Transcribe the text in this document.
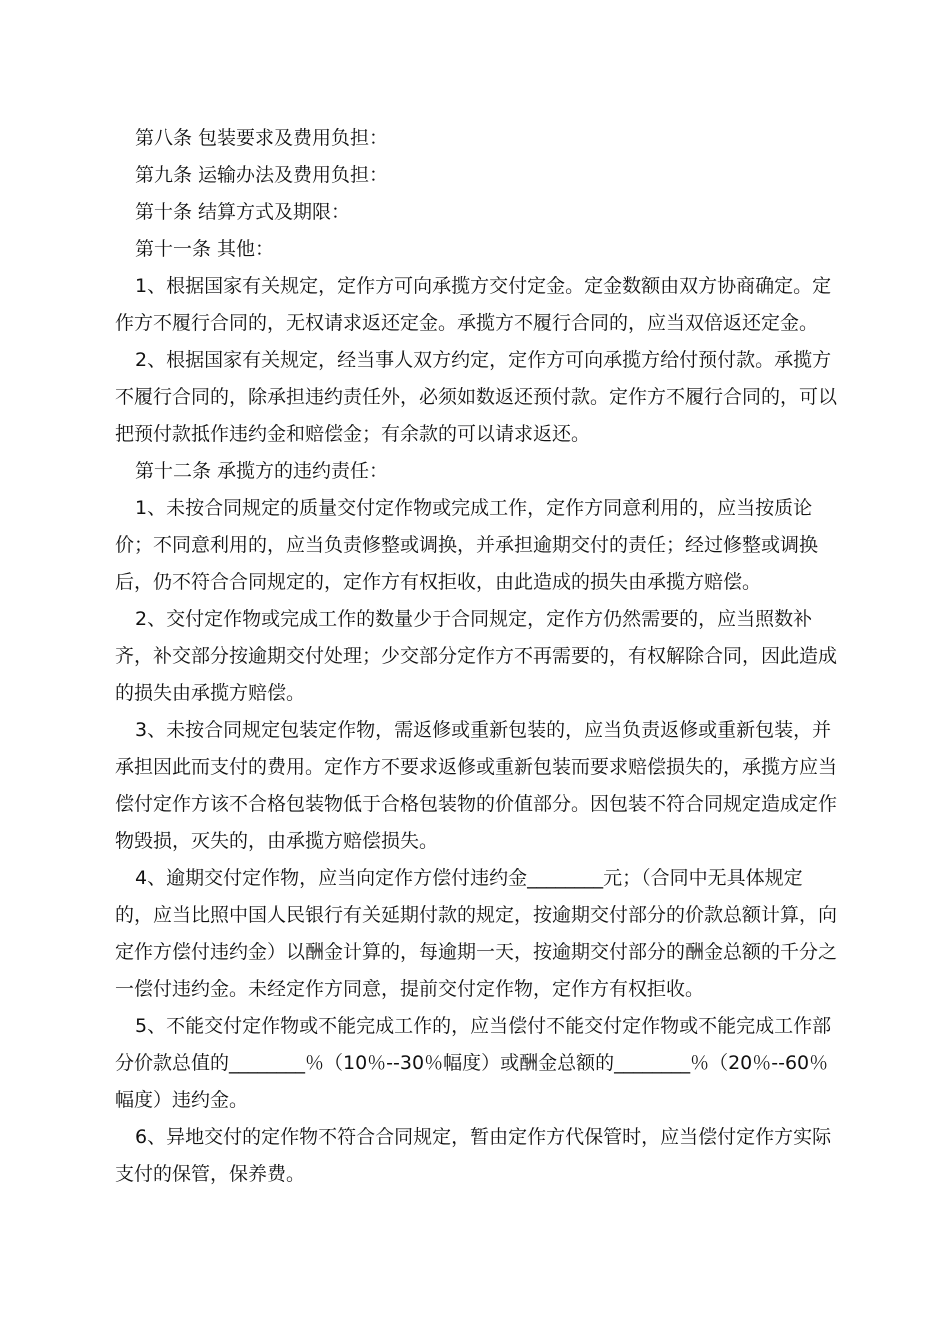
第八条 包装要求及费用负担：

第九条 运输办法及费用负担：

第十条 结算方式及期限：

第十一条 其他：

1、根据国家有关规定，定作方可向承揽方交付定金。定金数额由双方协商确定。定作方不履行合同的，无权请求返还定金。承揽方不履行合同的，应当双倍返还定金。

2、根据国家有关规定，经当事人双方约定，定作方可向承揽方给付预付款。承揽方不履行合同的，除承担违约责任外，必须如数返还预付款。定作方不履行合同的，可以把预付款抵作违约金和赔偿金；有余款的可以请求返还。

第十二条 承揽方的违约责任：

1、未按合同规定的质量交付定作物或完成工作，定作方同意利用的，应当按质论价；不同意利用的，应当负责修整或调换，并承担逾期交付的责任；经过修整或调换后，仍不符合合同规定的，定作方有权拒收，由此造成的损失由承揽方赔偿。

2、交付定作物或完成工作的数量少于合同规定，定作方仍然需要的，应当照数补齐，补交部分按逾期交付处理；少交部分定作方不再需要的，有权解除合同，因此造成的损失由承揽方赔偿。

3、未按合同规定包装定作物，需返修或重新包装的，应当负责返修或重新包装，并承担因此而支付的费用。定作方不要求返修或重新包装而要求赔偿损失的，承揽方应当偿付定作方该不合格包装物低于合格包装物的价值部分。因包装不符合同规定造成定作物毁损，灭失的，由承揽方赔偿损失。

4、逾期交付定作物，应当向定作方偿付违约金________元；（合同中无具体规定的，应当比照中国人民银行有关延期付款的规定，按逾期交付部分的价款总额计算，向定作方偿付违约金）以酬金计算的，每逾期一天，按逾期交付部分的酬金总额的千分之一偿付违约金。未经定作方同意，提前交付定作物，定作方有权拒收。

5、不能交付定作物或不能完成工作的，应当偿付不能交付定作物或不能完成工作部分价款总值的________％（10％--30％幅度）或酬金总额的________％（20％--60％幅度）违约金。

6、异地交付的定作物不符合合同规定，暂由定作方代保管时，应当偿付定作方实际支付的保管，保养费。
